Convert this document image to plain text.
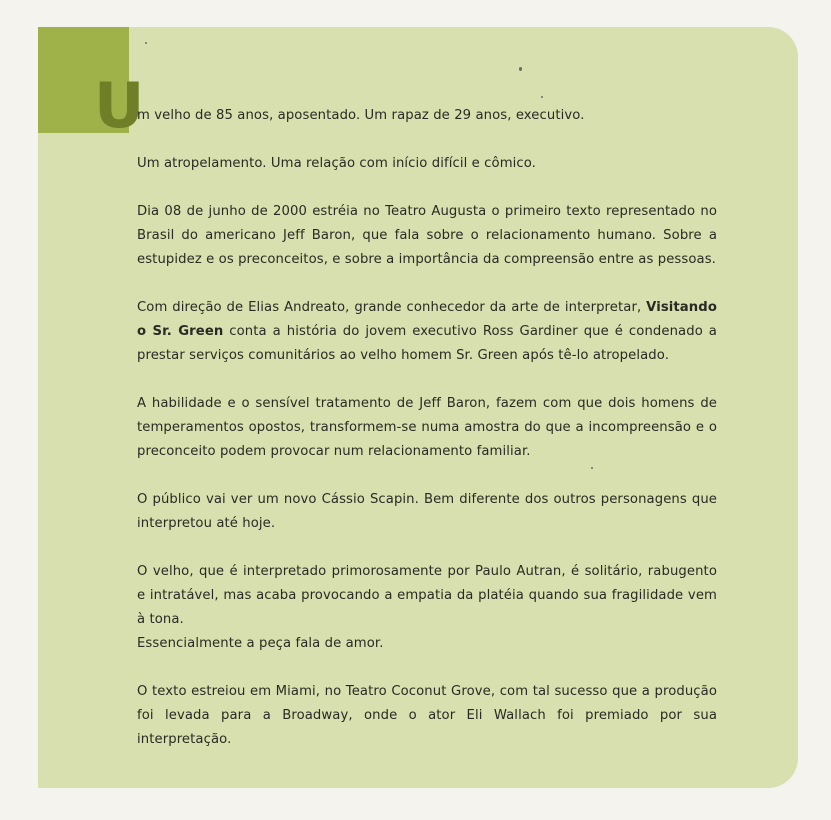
U

m velho de 85 anos, aposentado. Um rapaz de 29 anos, executivo.

Um atropelamento. Uma relação com início difícil e cômico.

Dia 08 de junho de 2000 estréia no Teatro Augusta o primeiro texto representado no Brasil do americano Jeff Baron, que fala sobre o relacionamento humano. Sobre a estupidez e os preconceitos, e sobre a importância da compreensão entre as pessoas.

Com direção de Elias Andreato, grande conhecedor da arte de interpretar, Visitando o Sr. Green conta a história do jovem executivo Ross Gardiner que é condenado a prestar serviços comunitários ao velho homem Sr. Green após tê-lo atropelado.

A habilidade e o sensível tratamento de Jeff Baron, fazem com que dois homens de temperamentos opostos, transformem-se numa amostra do que a incompreensão e o preconceito podem provocar num relacionamento familiar.

O público vai ver um novo Cássio Scapin. Bem diferente dos outros personagens que interpretou até hoje.

O velho, que é interpretado primorosamente por Paulo Autran, é solitário, rabugento e intratável, mas acaba provocando a empatia da platéia quando sua fragilidade vem à tona.

Essencialmente a peça fala de amor.

O texto estreiou em Miami, no Teatro Coconut Grove, com tal sucesso que a produção foi levada para a Broadway, onde o ator Eli Wallach foi premiado por sua interpretação.
